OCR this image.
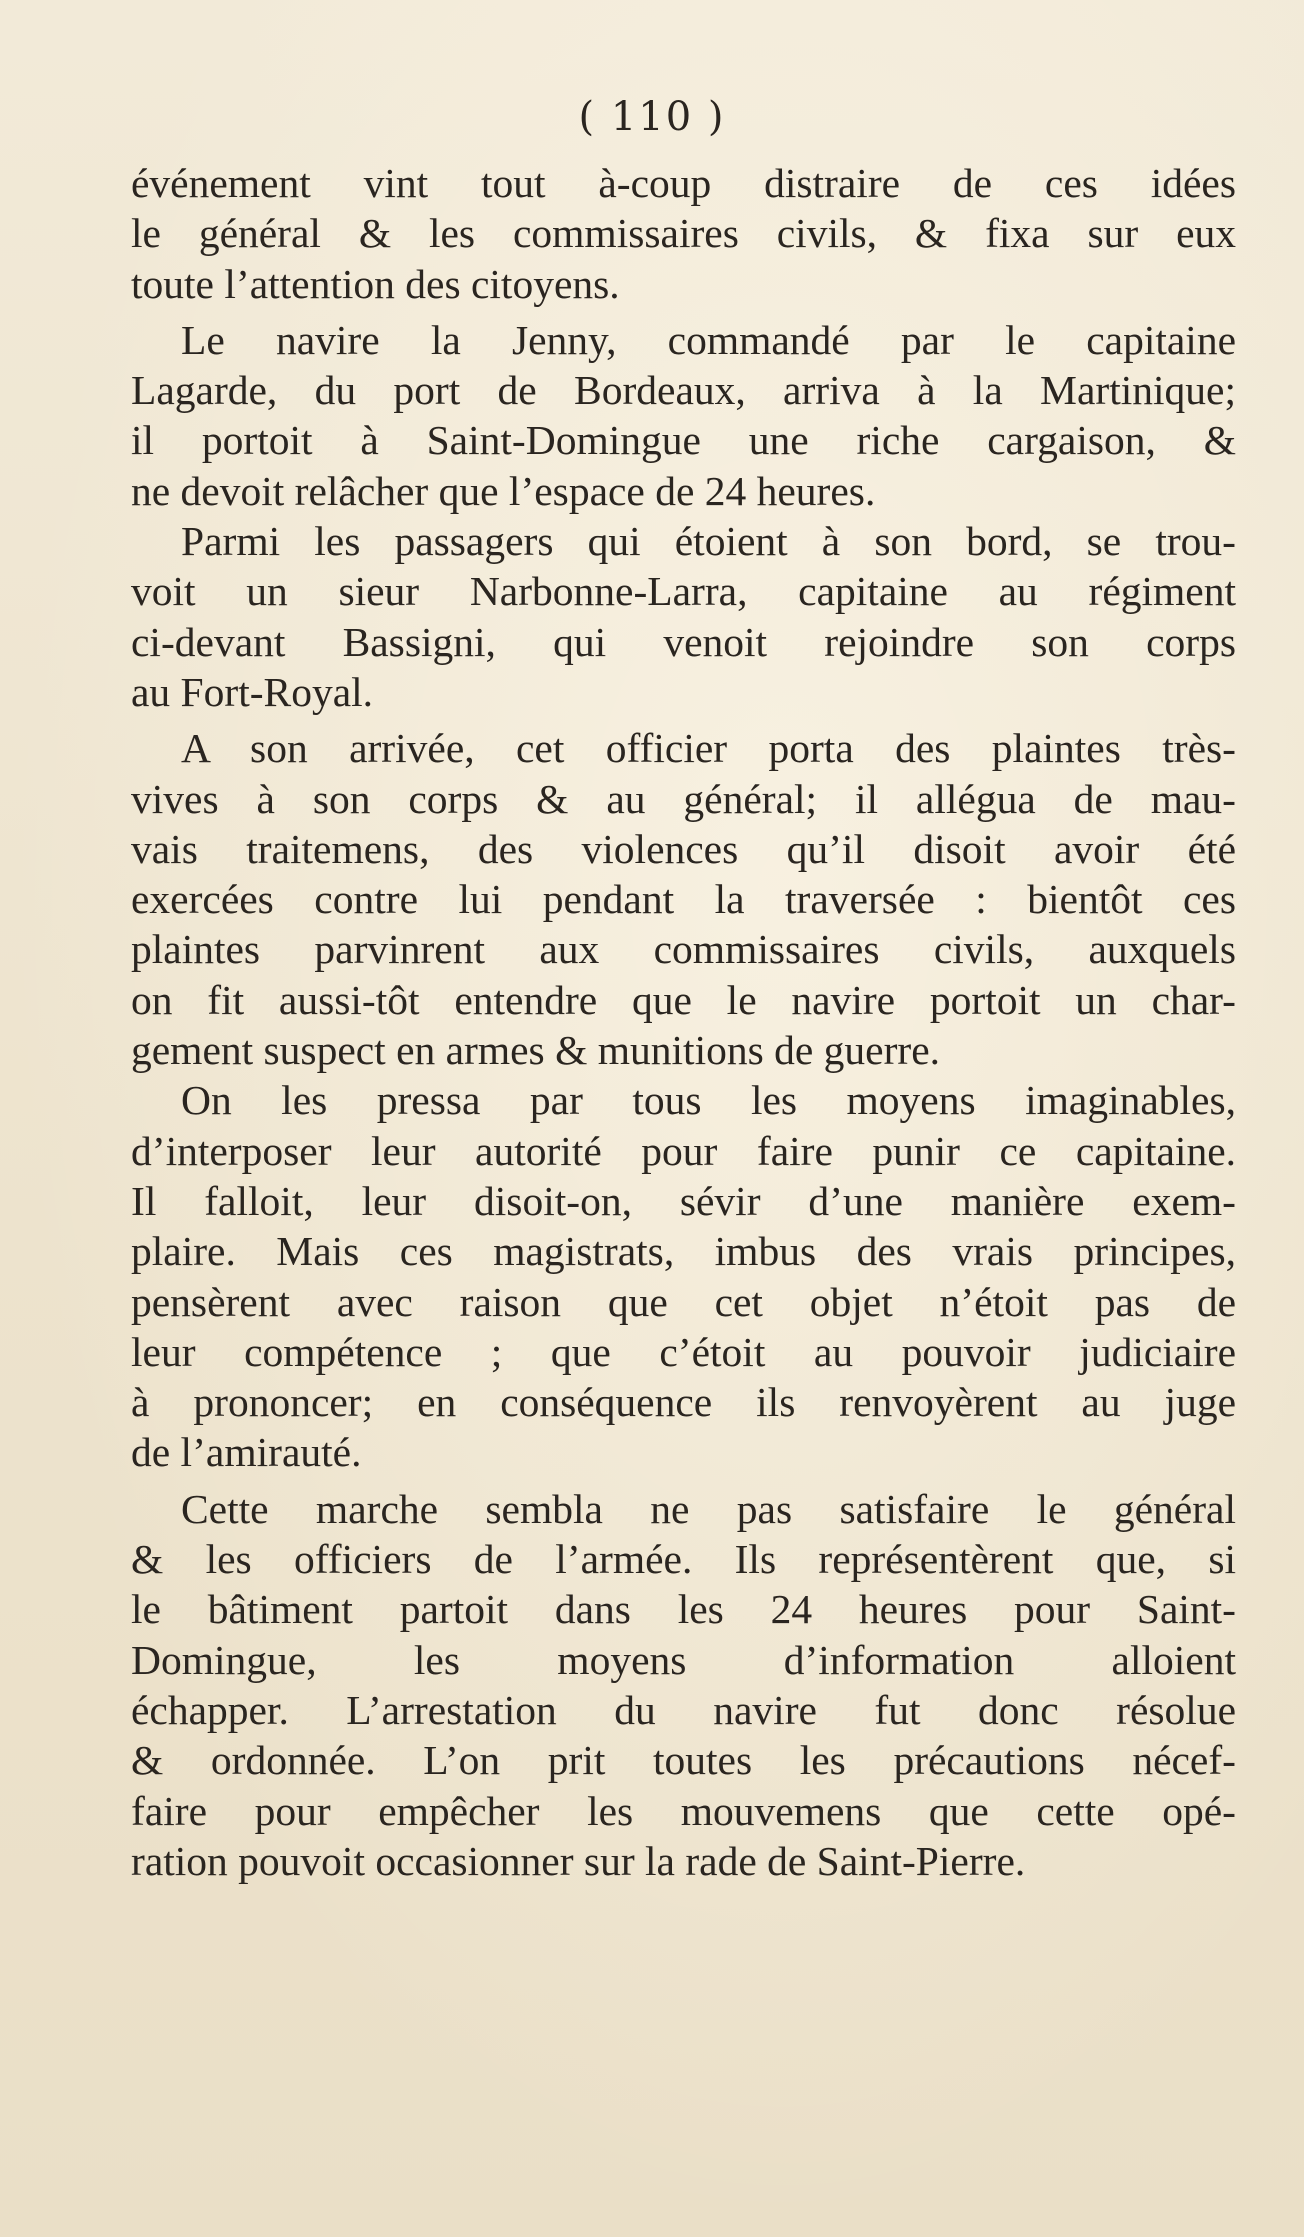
( 110 )
événement vint tout à-coup distraire de ces idées
le général & les commissaires civils, & fixa sur eux
toute l’attention des citoyens.
Le navire la Jenny, commandé par le capitaine
Lagarde, du port de Bordeaux, arriva à la Martinique;
il portoit à Saint-Domingue une riche cargaison, &
ne devoit relâcher que l’espace de 24 heures.
Parmi les passagers qui étoient à son bord, se trou-
voit un sieur Narbonne-Larra, capitaine au régiment
ci-devant Bassigni, qui venoit rejoindre son corps
au Fort-Royal.
A son arrivée, cet officier porta des plaintes très-
vives à son corps & au général; il allégua de mau-
vais traitemens, des violences qu’il disoit avoir été
exercées contre lui pendant la traversée : bientôt ces
plaintes parvinrent aux commissaires civils, auxquels
on fit aussi-tôt entendre que le navire portoit un char-
gement suspect en armes & munitions de guerre.
On les pressa par tous les moyens imaginables,
d’interposer leur autorité pour faire punir ce capitaine.
Il falloit, leur disoit-on, sévir d’une manière exem-
plaire. Mais ces magistrats, imbus des vrais principes,
pensèrent avec raison que cet objet n’étoit pas de
leur compétence ; que c’étoit au pouvoir judiciaire
à prononcer; en conséquence ils renvoyèrent au juge
de l’amirauté.
Cette marche sembla ne pas satisfaire le général
& les officiers de l’armée. Ils représentèrent que, si
le bâtiment partoit dans les 24 heures pour Saint-
Domingue, les moyens d’information alloient
échapper. L’arrestation du navire fut donc résolue
& ordonnée. L’on prit toutes les précautions nécef-
faire pour empêcher les mouvemens que cette opé-
ration pouvoit occasionner sur la rade de Saint-Pierre.
